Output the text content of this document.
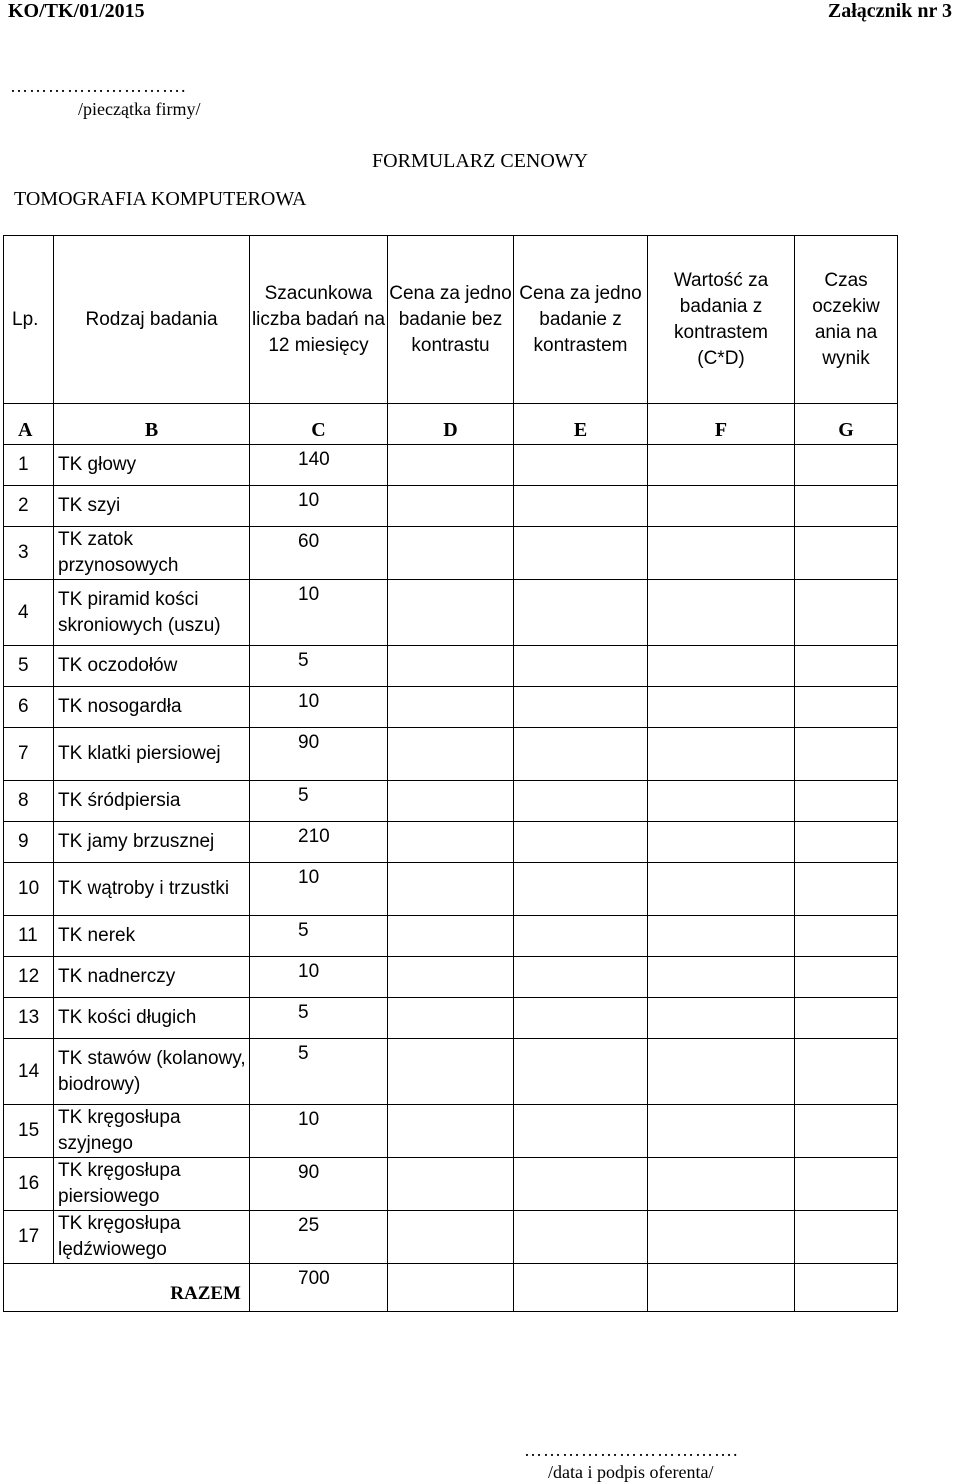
KO/TK/01/2015	Załącznik nr 3
……………………….
/pieczątka firmy/
FORMULARZ CENOWY
TOMOGRAFIA KOMPUTEROWA
Lp.	Rodzaj badania	Szacunkowa liczba badań na 12 miesięcy	Cena za jedno badanie bez kontrastu	Cena za jedno badanie z kontrastem	Wartość za badania z kontrastem (C*D)	Czas oczekiw ania na wynik
A	B	C	D	E	F	G
1	TK głowy	140				
2	TK szyi	10				
3	TK zatok przynosowych	60				
4	TK piramid kości skroniowych (uszu)	10				
5	TK oczodołów	5				
6	TK nosogardła	10				
7	TK klatki piersiowej	90				
8	TK śródpiersia	5				
9	TK jamy brzusznej	210				
10	TK wątroby i trzustki	10				
11	TK nerek	5				
12	TK nadnerczy	10				
13	TK kości długich	5				
14	TK stawów (kolanowy, biodrowy)	5				
15	TK kręgosłupa szyjnego	10				
16	TK kręgosłupa piersiowego	90				
17	TK kręgosłupa lędźwiowego	25				
RAZEM		700				
…………………………….
/data i podpis oferenta/
